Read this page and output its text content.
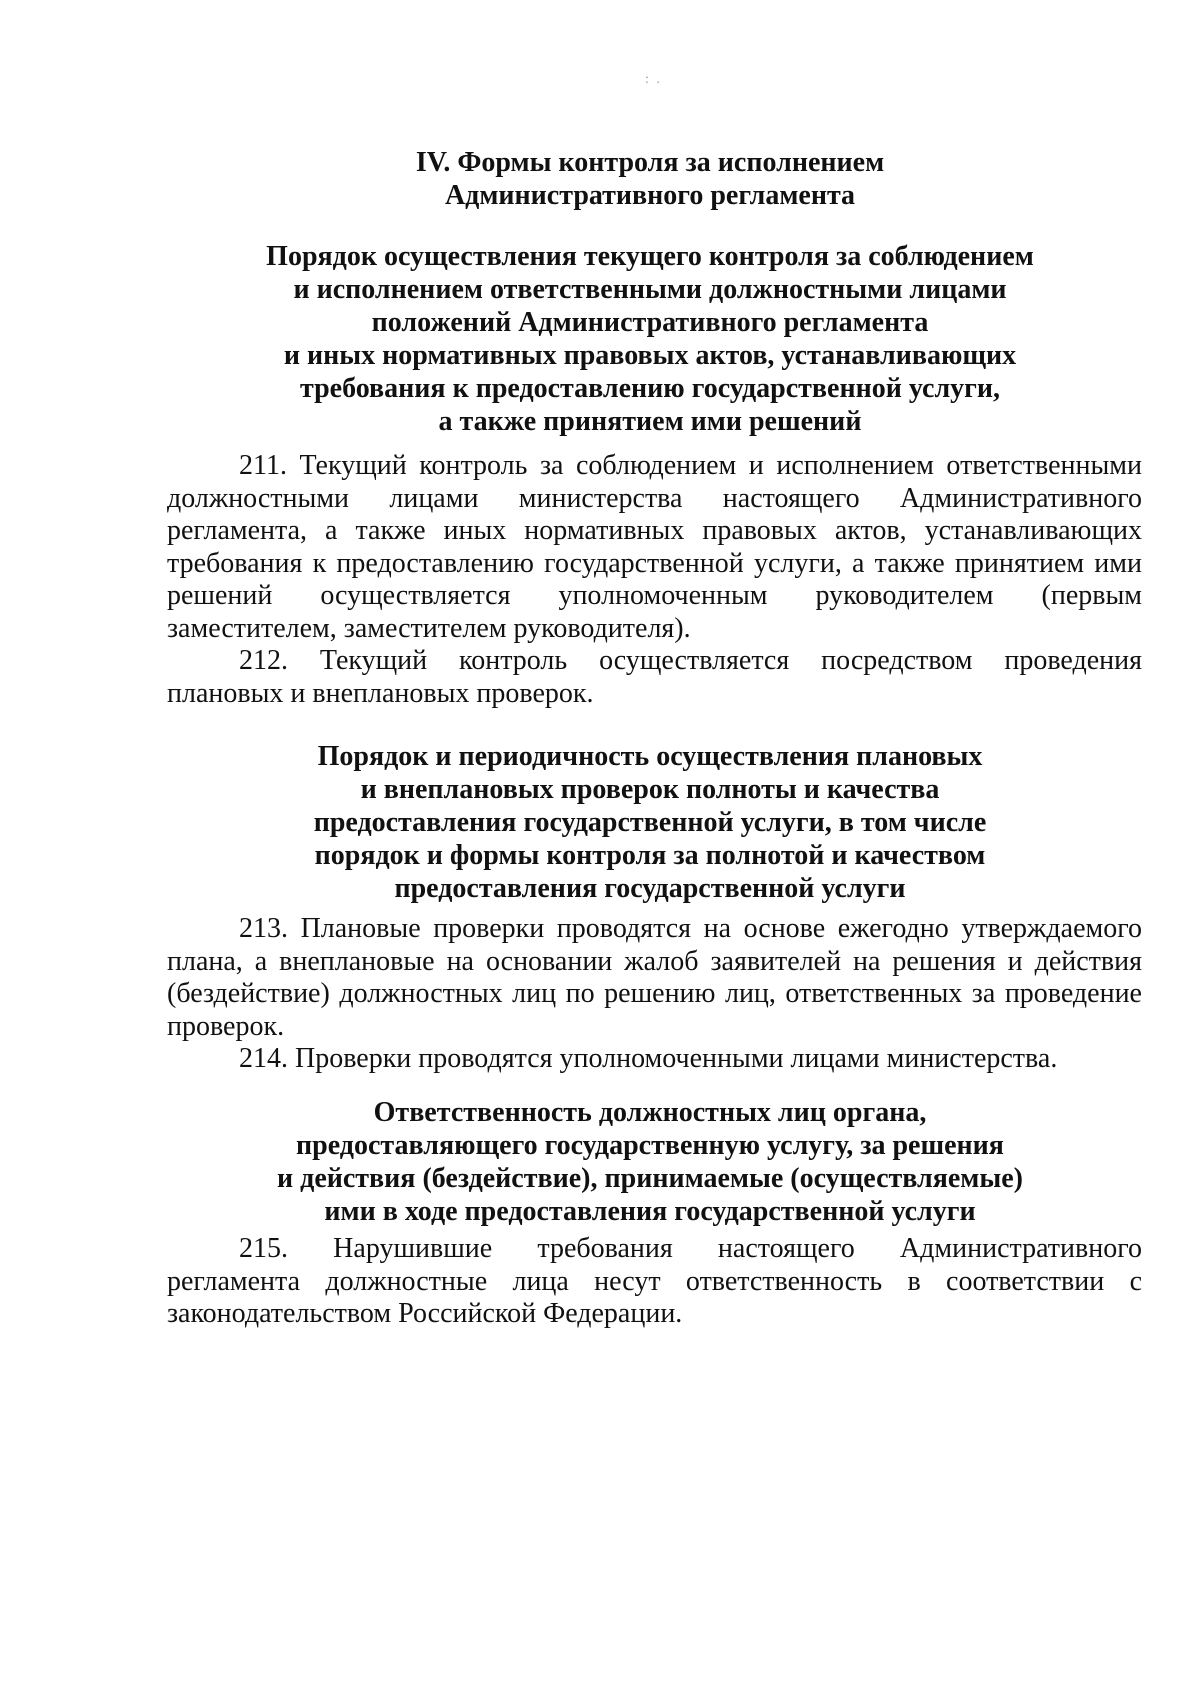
: .
IV. Формы контроля за исполнением
Административного регламента
Порядок осуществления текущего контроля за соблюдением
и исполнением ответственными должностными лицами
положений Административного регламента
и иных нормативных правовых актов, устанавливающих
требования к предоставлению государственной услуги,
а также принятием ими решений
211. Текущий контроль за соблюдением и исполнением ответственными
должностными лицами министерства настоящего Административного
регламента, а также иных нормативных правовых актов, устанавливающих
требования к предоставлению государственной услуги, а также принятием ими
решений осуществляется уполномоченным руководителем (первым
заместителем, заместителем руководителя).
212. Текущий контроль осуществляется посредством проведения
плановых и внеплановых проверок.
Порядок и периодичность осуществления плановых
и внеплановых проверок полноты и качества
предоставления государственной услуги, в том числе
порядок и формы контроля за полнотой и качеством
предоставления государственной услуги
213. Плановые проверки проводятся на основе ежегодно утверждаемого
плана, а внеплановые на основании жалоб заявителей на решения и действия
(бездействие) должностных лиц по решению лиц, ответственных за проведение
проверок.
214. Проверки проводятся уполномоченными лицами министерства.
Ответственность должностных лиц органа,
предоставляющего государственную услугу, за решения
и действия (бездействие), принимаемые (осуществляемые)
ими в ходе предоставления государственной услуги
215. Нарушившие требования настоящего Административного
регламента должностные лица несут ответственность в соответствии с
законодательством Российской Федерации.
